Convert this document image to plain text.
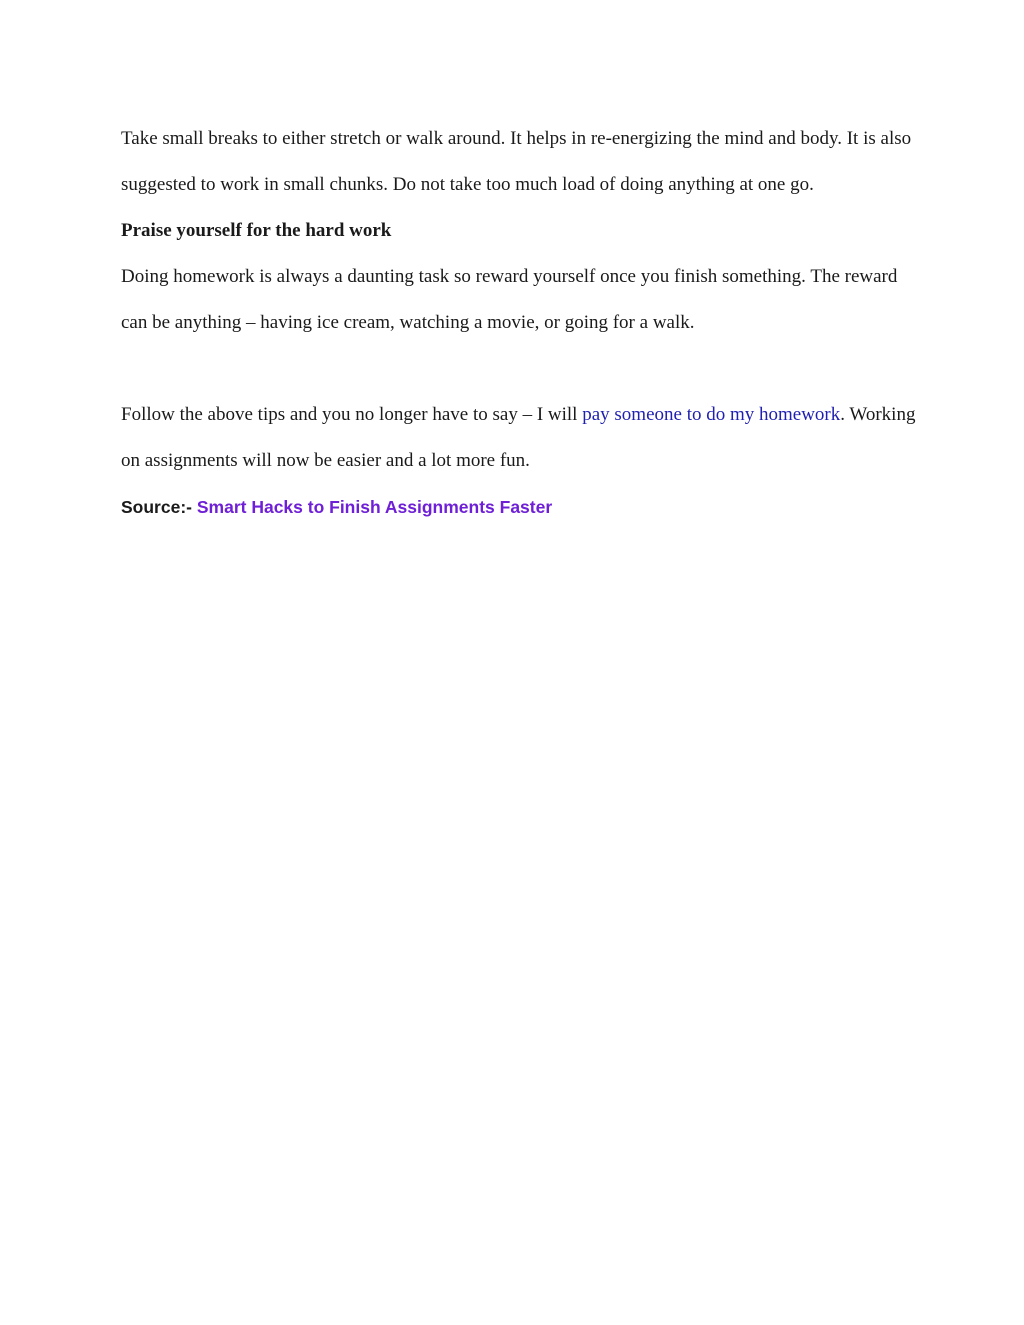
Take small breaks to either stretch or walk around. It helps in re-energizing the mind and body. It is also suggested to work in small chunks. Do not take too much load of doing anything at one go.

Praise yourself for the hard work

Doing homework is always a daunting task so reward yourself once you finish something. The reward can be anything – having ice cream, watching a movie, or going for a walk.

Follow the above tips and you no longer have to say – I will pay someone to do my homework. Working on assignments will now be easier and a lot more fun.

Source:- Smart Hacks to Finish Assignments Faster
